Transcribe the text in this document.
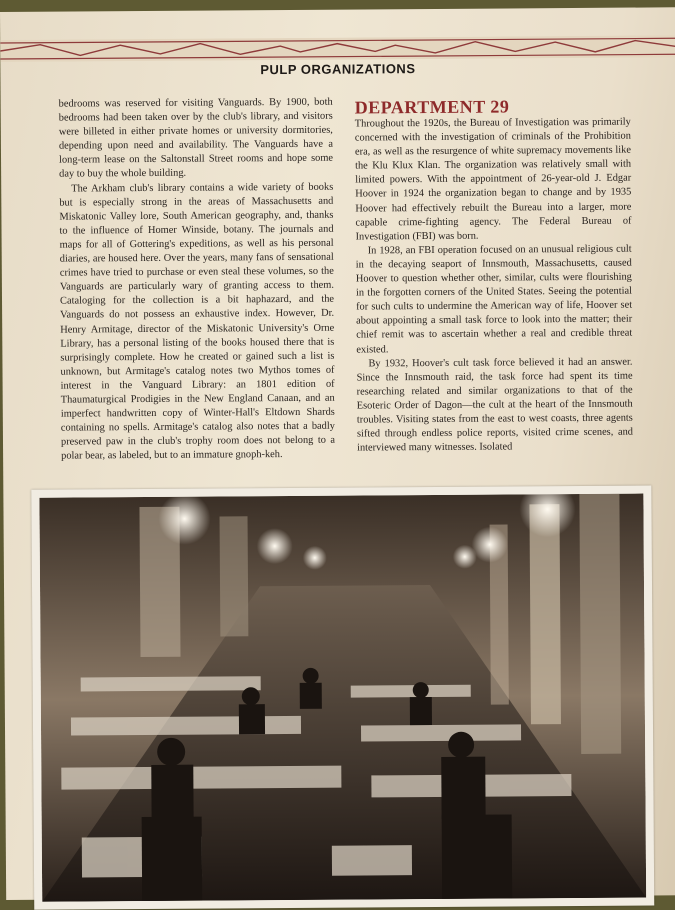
PULP ORGANIZATIONS

bedrooms was reserved for visiting Vanguards. By 1900, both bedrooms had been taken over by the club's library, and visitors were billeted in either private homes or university dormitories, depending upon need and availability. The Vanguards have a long-term lease on the Saltonstall Street rooms and hope some day to buy the whole building.

The Arkham club's library contains a wide variety of books but is especially strong in the areas of Massachusetts and Miskatonic Valley lore, South American geography, and, thanks to the influence of Homer Winside, botany. The journals and maps for all of Gottering's expeditions, as well as his personal diaries, are housed here. Over the years, many fans of sensational crimes have tried to purchase or even steal these volumes, so the Vanguards are particularly wary of granting access to them. Cataloging for the collection is a bit haphazard, and the Vanguards do not possess an exhaustive index. However, Dr. Henry Armitage, director of the Miskatonic University's Orne Library, has a personal listing of the books housed there that is surprisingly complete. How he created or gained such a list is unknown, but Armitage's catalog notes two Mythos tomes of interest in the Vanguard Library: an 1801 edition of Thaumaturgical Prodigies in the New England Canaan, and an imperfect handwritten copy of Winter-Hall's Eltdown Shards containing no spells. Armitage's catalog also notes that a badly preserved paw in the club's trophy room does not belong to a polar bear, as labeled, but to an immature gnoph-keh.

DEPARTMENT 29

Throughout the 1920s, the Bureau of Investigation was primarily concerned with the investigation of criminals of the Prohibition era, as well as the resurgence of white supremacy movements like the Klu Klux Klan. The organization was relatively small with limited powers. With the appointment of 26-year-old J. Edgar Hoover in 1924 the organization began to change and by 1935 Hoover had effectively rebuilt the Bureau into a larger, more capable crime-fighting agency. The Federal Bureau of Investigation (FBI) was born.

In 1928, an FBI operation focused on an unusual religious cult in the decaying seaport of Innsmouth, Massachusetts, caused Hoover to question whether other, similar, cults were flourishing in the forgotten corners of the United States. Seeing the potential for such cults to undermine the American way of life, Hoover set about appointing a small task force to look into the matter; their chief remit was to ascertain whether a real and credible threat existed.

By 1932, Hoover's cult task force believed it had an answer. Since the Innsmouth raid, the task force had spent its time researching related and similar organizations to that of the Esoteric Order of Dagon—the cult at the heart of the Innsmouth troubles. Visiting states from the east to west coasts, three agents sifted through endless police reports, visited crime scenes, and interviewed many witnesses. Isolated
